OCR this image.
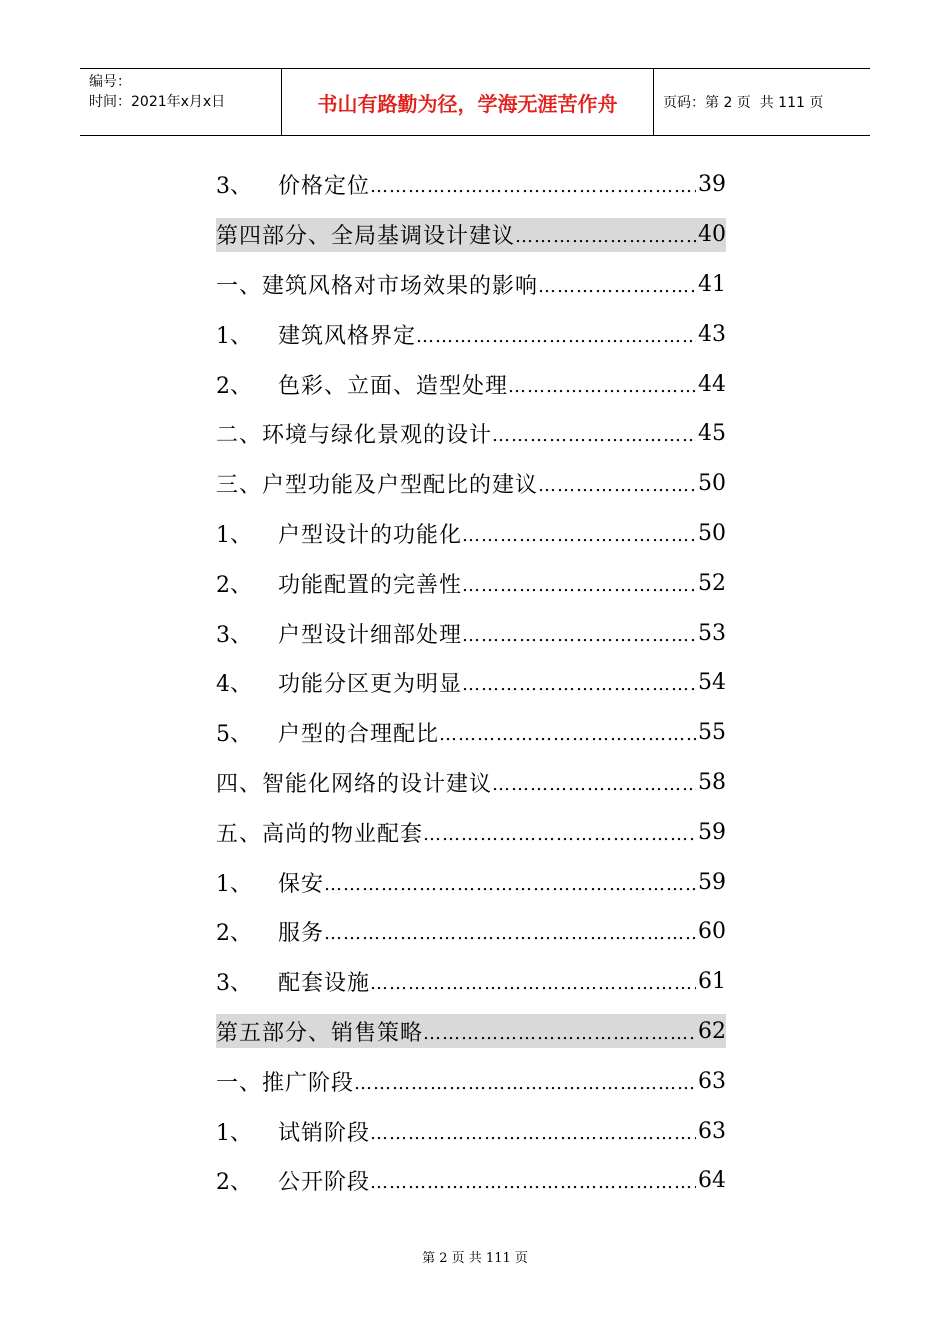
编号：
时间：2021年x月x日	书山有路勤为径，学海无涯苦作舟	页码：第 2 页  共 111 页
3、	价格定位 ……………………………………………………………………………………………	39
第四部分、全局基调设计建议 ……………………………………………………………………………………………	40
一、建筑风格对市场效果的影响 ……………………………………………………………………………………………	41
1、	建筑风格界定 ……………………………………………………………………………………………	43
2、	色彩、立面、造型处理 ……………………………………………………………………………………………	44
二、环境与绿化景观的设计 ……………………………………………………………………………………………	45
三、户型功能及户型配比的建议 ……………………………………………………………………………………………	50
1、	户型设计的功能化 ……………………………………………………………………………………………	50
2、	功能配置的完善性 ……………………………………………………………………………………………	52
3、	户型设计细部处理 ……………………………………………………………………………………………	53
4、	功能分区更为明显 ……………………………………………………………………………………………	54
5、	户型的合理配比 ……………………………………………………………………………………………	55
四、智能化网络的设计建议 ……………………………………………………………………………………………	58
五、高尚的物业配套 ……………………………………………………………………………………………	59
1、	保安 ……………………………………………………………………………………………	59
2、	服务 ……………………………………………………………………………………………	60
3、	配套设施 ……………………………………………………………………………………………	61
第五部分、销售策略 ……………………………………………………………………………………………	62
一、推广阶段 ……………………………………………………………………………………………	63
1、	试销阶段 ……………………………………………………………………………………………	63
2、	公开阶段 ……………………………………………………………………………………………	64
第 2 页 共 111 页
